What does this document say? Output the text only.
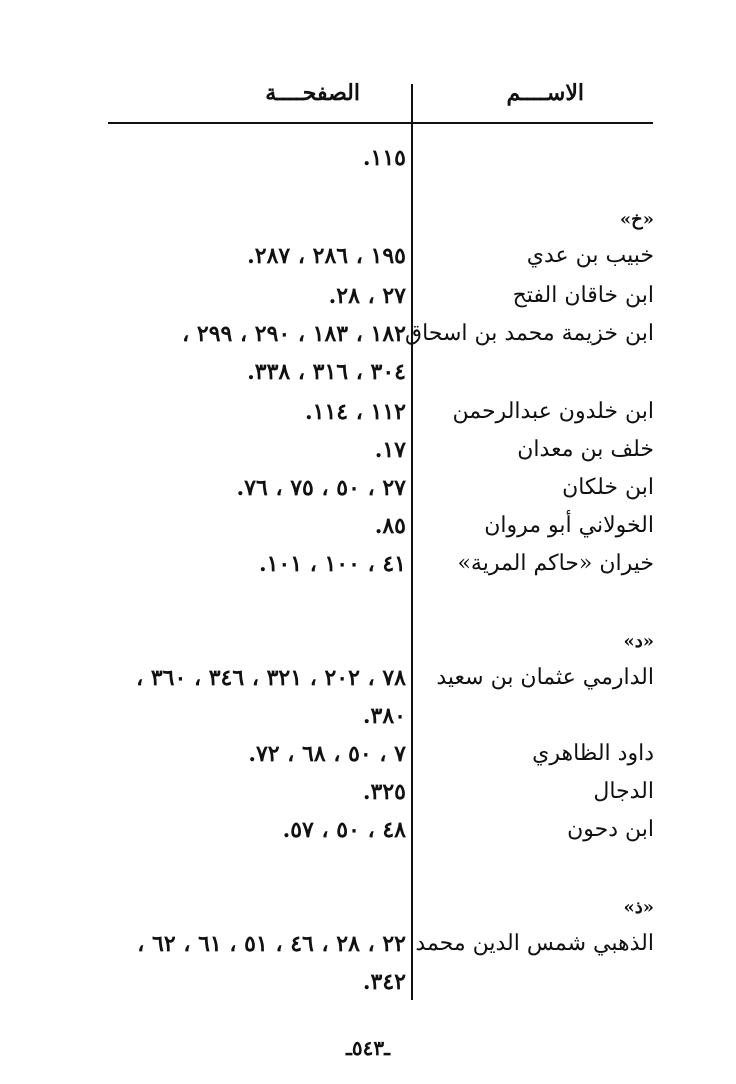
الاســــم
الصفحــــة
١١٥.
«خ»
خبيب بن عدي
١٩٥ ، ٢٨٦ ، ٢٨٧.
ابن خاقان الفتح
٢٧ ، ٢٨.
ابن خزيمة محمد بن اسحاق
١٨٢ ، ١٨٣ ، ٢٩٠ ، ٢٩٩ ،
٣٠٤ ، ٣١٦ ، ٣٣٨.
ابن خلدون عبدالرحمن
١١٢ ، ١١٤.
خلف بن معدان
١٧.
ابن خلكان
٢٧ ، ٥٠ ، ٧٥ ، ٧٦.
الخولاني أبو مروان
٨٥.
خيران «حاكم المرية»
٤١ ، ١٠٠ ، ١٠١.
«د»
الدارمي عثمان بن سعيد
٧٨ ، ٢٠٢ ، ٣٢١ ، ٣٤٦ ، ٣٦٠ ،
٣٨٠.
داود الظاهري
٧ ، ٥٠ ، ٦٨ ، ٧٢.
الدجال
٣٢٥.
ابن دحون
٤٨ ، ٥٠ ، ٥٧.
«ذ»
الذهبي شمس الدين محمد
٢٢ ، ٢٨ ، ٤٦ ، ٥١ ، ٦١ ، ٦٢ ،
٣٤٢.
ـ٥٤٣ـ
